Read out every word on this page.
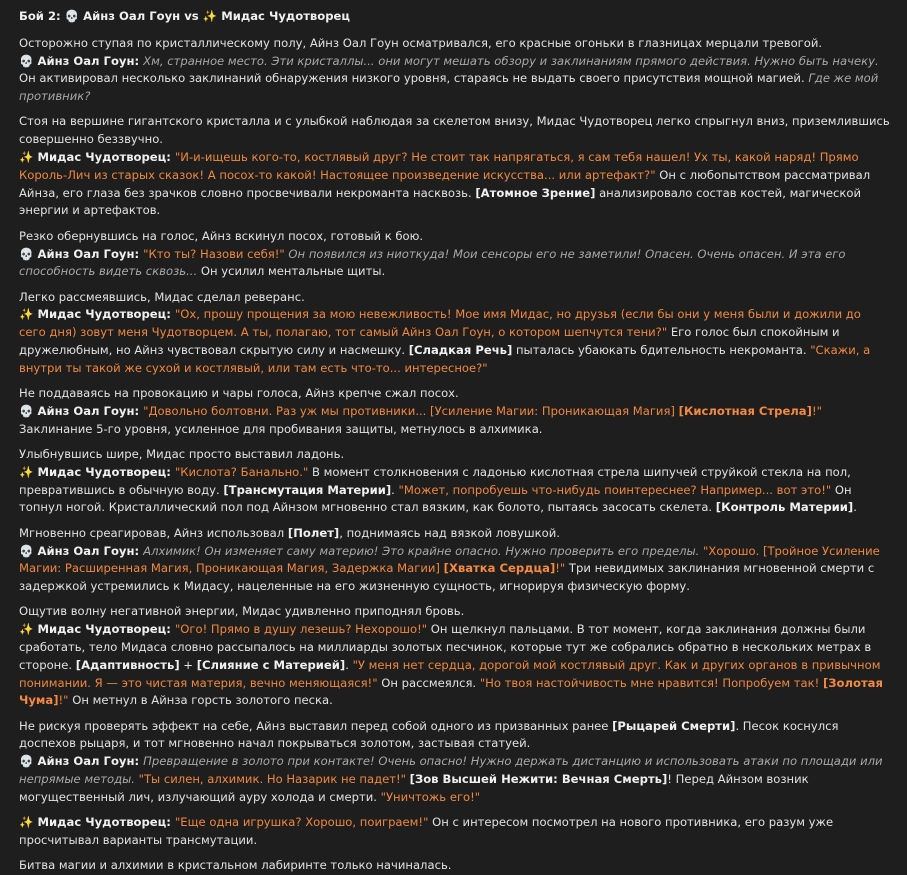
Бой 2: 💀 Айнз Оал Гоун vs ✨ Мидас Чудотворец

Осторожно ступая по кристаллическому полу, Айнз Оал Гоун осматривался, его красные огоньки в глазницах мерцали тревогой.
💀 Айнз Оал Гоун: Хм, странное место. Эти кристаллы... они могут мешать обзору и заклинаниям прямого действия. Нужно быть начеку. Он активировал несколько заклинаний обнаружения низкого уровня, стараясь не выдать своего присутствия мощной магией. Где же мой противник?

Стоя на вершине гигантского кристалла и с улыбкой наблюдая за скелетом внизу, Мидас Чудотворец легко спрыгнул вниз, приземлившись совершенно беззвучно.
✨ Мидас Чудотворец: "И-и-ищешь кого-то, костлявый друг? Не стоит так напрягаться, я сам тебя нашел! Ух ты, какой наряд! Прямо Король-Лич из старых сказок! А посох-то какой! Настоящее произведение искусства... или артефакт?" Он с любопытством рассматривал Айнза, его глаза без зрачков словно просвечивали некроманта насквозь. [Атомное Зрение] анализировало состав костей, магической энергии и артефактов.

Резко обернувшись на голос, Айнз вскинул посох, готовый к бою.
💀 Айнз Оал Гоун: "Кто ты? Назови себя!" Он появился из ниоткуда! Мои сенсоры его не заметили! Опасен. Очень опасен. И эта его способность видеть сквозь... Он усилил ментальные щиты.

Легко рассмеявшись, Мидас сделал реверанс.
✨ Мидас Чудотворец: "Ох, прошу прощения за мою невежливость! Мое имя Мидас, но друзья (если бы они у меня были и дожили до сего дня) зовут меня Чудотворцем. А ты, полагаю, тот самый Айнз Оал Гоун, о котором шепчутся тени?" Его голос был спокойным и дружелюбным, но Айнз чувствовал скрытую силу и насмешку. [Сладкая Речь] пыталась убаюкать бдительность некроманта. "Скажи, а внутри ты такой же сухой и костлявый, или там есть что-то... интересное?"

Не поддаваясь на провокацию и чары голоса, Айнз крепче сжал посох.
💀 Айнз Оал Гоун: "Довольно болтовни. Раз уж мы противники... [Усиление Магии: Проникающая Магия] [Кислотная Стрела]!" Заклинание 5-го уровня, усиленное для пробивания защиты, метнулось в алхимика.

Улыбнувшись шире, Мидас просто выставил ладонь.
✨ Мидас Чудотворец: "Кислота? Банально." В момент столкновения с ладонью кислотная стрела шипучей струйкой стекла на пол, превратившись в обычную воду. [Трансмутация Материи]. "Может, попробуешь что-нибудь поинтереснее? Например... вот это!" Он топнул ногой. Кристаллический пол под Айнзом мгновенно стал вязким, как болото, пытаясь засосать скелета. [Контроль Материи].

Мгновенно среагировав, Айнз использовал [Полет], поднимаясь над вязкой ловушкой.
💀 Айнз Оал Гоун: Алхимик! Он изменяет саму материю! Это крайне опасно. Нужно проверить его пределы. "Хорошо. [Тройное Усиление Магии: Расширенная Магия, Проникающая Магия, Задержка Магии] [Хватка Сердца]!" Три невидимых заклинания мгновенной смерти с задержкой устремились к Мидасу, нацеленные на его жизненную сущность, игнорируя физическую форму.

Ощутив волну негативной энергии, Мидас удивленно приподнял бровь.
✨ Мидас Чудотворец: "Ого! Прямо в душу лезешь? Нехорошо!" Он щелкнул пальцами. В тот момент, когда заклинания должны были сработать, тело Мидаса словно рассыпалось на миллиарды золотых песчинок, которые тут же собрались обратно в нескольких метрах в стороне. [Адаптивность] + [Слияние с Материей]. "У меня нет сердца, дорогой мой костлявый друг. Как и других органов в привычном понимании. Я — это чистая материя, вечно меняющаяся!" Он рассмеялся. "Но твоя настойчивость мне нравится! Попробуем так! [Золотая Чума]!" Он метнул в Айнза горсть золотого песка.

Не рискуя проверять эффект на себе, Айнз выставил перед собой одного из призванных ранее [Рыцарей Смерти]. Песок коснулся доспехов рыцаря, и тот мгновенно начал покрываться золотом, застывая статуей.
💀 Айнз Оал Гоун: Превращение в золото при контакте! Очень опасно! Нужно держать дистанцию и использовать атаки по площади или непрямые методы. "Ты силен, алхимик. Но Назарик не падет!" [Зов Высшей Нежити: Вечная Смерть]! Перед Айнзом возник могущественный лич, излучающий ауру холода и смерти. "Уничтожь его!"

✨ Мидас Чудотворец: "Еще одна игрушка? Хорошо, поиграем!" Он с интересом посмотрел на нового противника, его разум уже просчитывал варианты трансмутации.

Битва магии и алхимии в кристальном лабиринте только начиналась.
